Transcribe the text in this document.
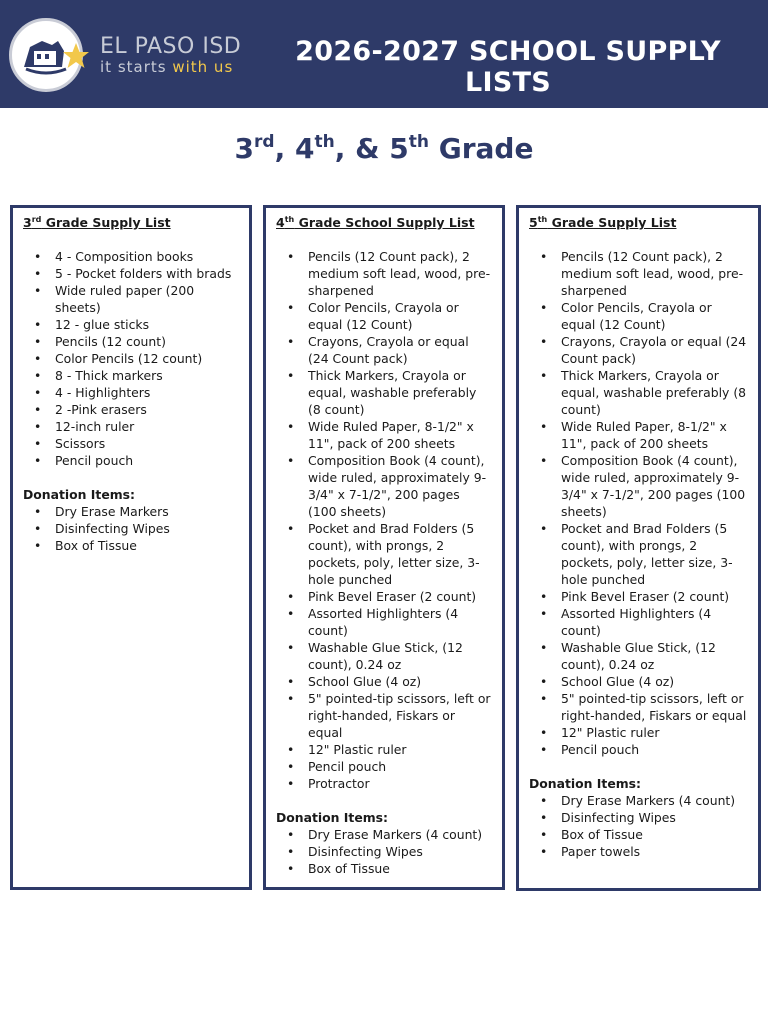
EL PASO ISD
it starts with us	2026-2027 SCHOOL SUPPLY LISTS
3rd, 4th, & 5th Grade
3rd Grade Supply List
• 4 - Composition books
• 5 - Pocket folders with brads
• Wide ruled paper (200 sheets)
• 12 - glue sticks
• Pencils (12 count)
• Color Pencils (12 count)
• 8 - Thick markers
• 4 - Highlighters
• 2 -Pink erasers
• 12-inch ruler
• Scissors
• Pencil pouch
Donation Items:
• Dry Erase Markers
• Disinfecting Wipes
• Box of Tissue
4th Grade School Supply List
• Pencils (12 Count pack), 2 medium soft lead, wood, pre-sharpened
• Color Pencils, Crayola or equal (12 Count)
• Crayons, Crayola or equal (24 Count pack)
• Thick Markers, Crayola or equal, washable preferably (8 count)
• Wide Ruled Paper, 8-1/2" x 11", pack of 200 sheets
• Composition Book (4 count), wide ruled, approximately 9-3/4" x 7-1/2", 200 pages (100 sheets)
• Pocket and Brad Folders (5 count), with prongs, 2 pockets, poly, letter size, 3-hole punched
• Pink Bevel Eraser (2 count)
• Assorted Highlighters (4 count)
• Washable Glue Stick, (12 count), 0.24 oz
• School Glue (4 oz)
• 5" pointed-tip scissors, left or right-handed, Fiskars or equal
• 12" Plastic ruler
• Pencil pouch
• Protractor
Donation Items:
• Dry Erase Markers (4 count)
• Disinfecting Wipes
• Box of Tissue
5th Grade Supply List
• Pencils (12 Count pack), 2 medium soft lead, wood, pre-sharpened
• Color Pencils, Crayola or equal (12 Count)
• Crayons, Crayola or equal (24 Count pack)
• Thick Markers, Crayola or equal, washable preferably (8 count)
• Wide Ruled Paper, 8-1/2" x 11", pack of 200 sheets
• Composition Book (4 count), wide ruled, approximately 9-3/4" x 7-1/2", 200 pages (100 sheets)
• Pocket and Brad Folders (5 count), with prongs, 2 pockets, poly, letter size, 3-hole punched
• Pink Bevel Eraser (2 count)
• Assorted Highlighters (4 count)
• Washable Glue Stick, (12 count), 0.24 oz
• School Glue (4 oz)
• 5" pointed-tip scissors, left or right-handed, Fiskars or equal
• 12" Plastic ruler
• Pencil pouch
Donation Items:
• Dry Erase Markers (4 count)
• Disinfecting Wipes
• Box of Tissue
• Paper towels
